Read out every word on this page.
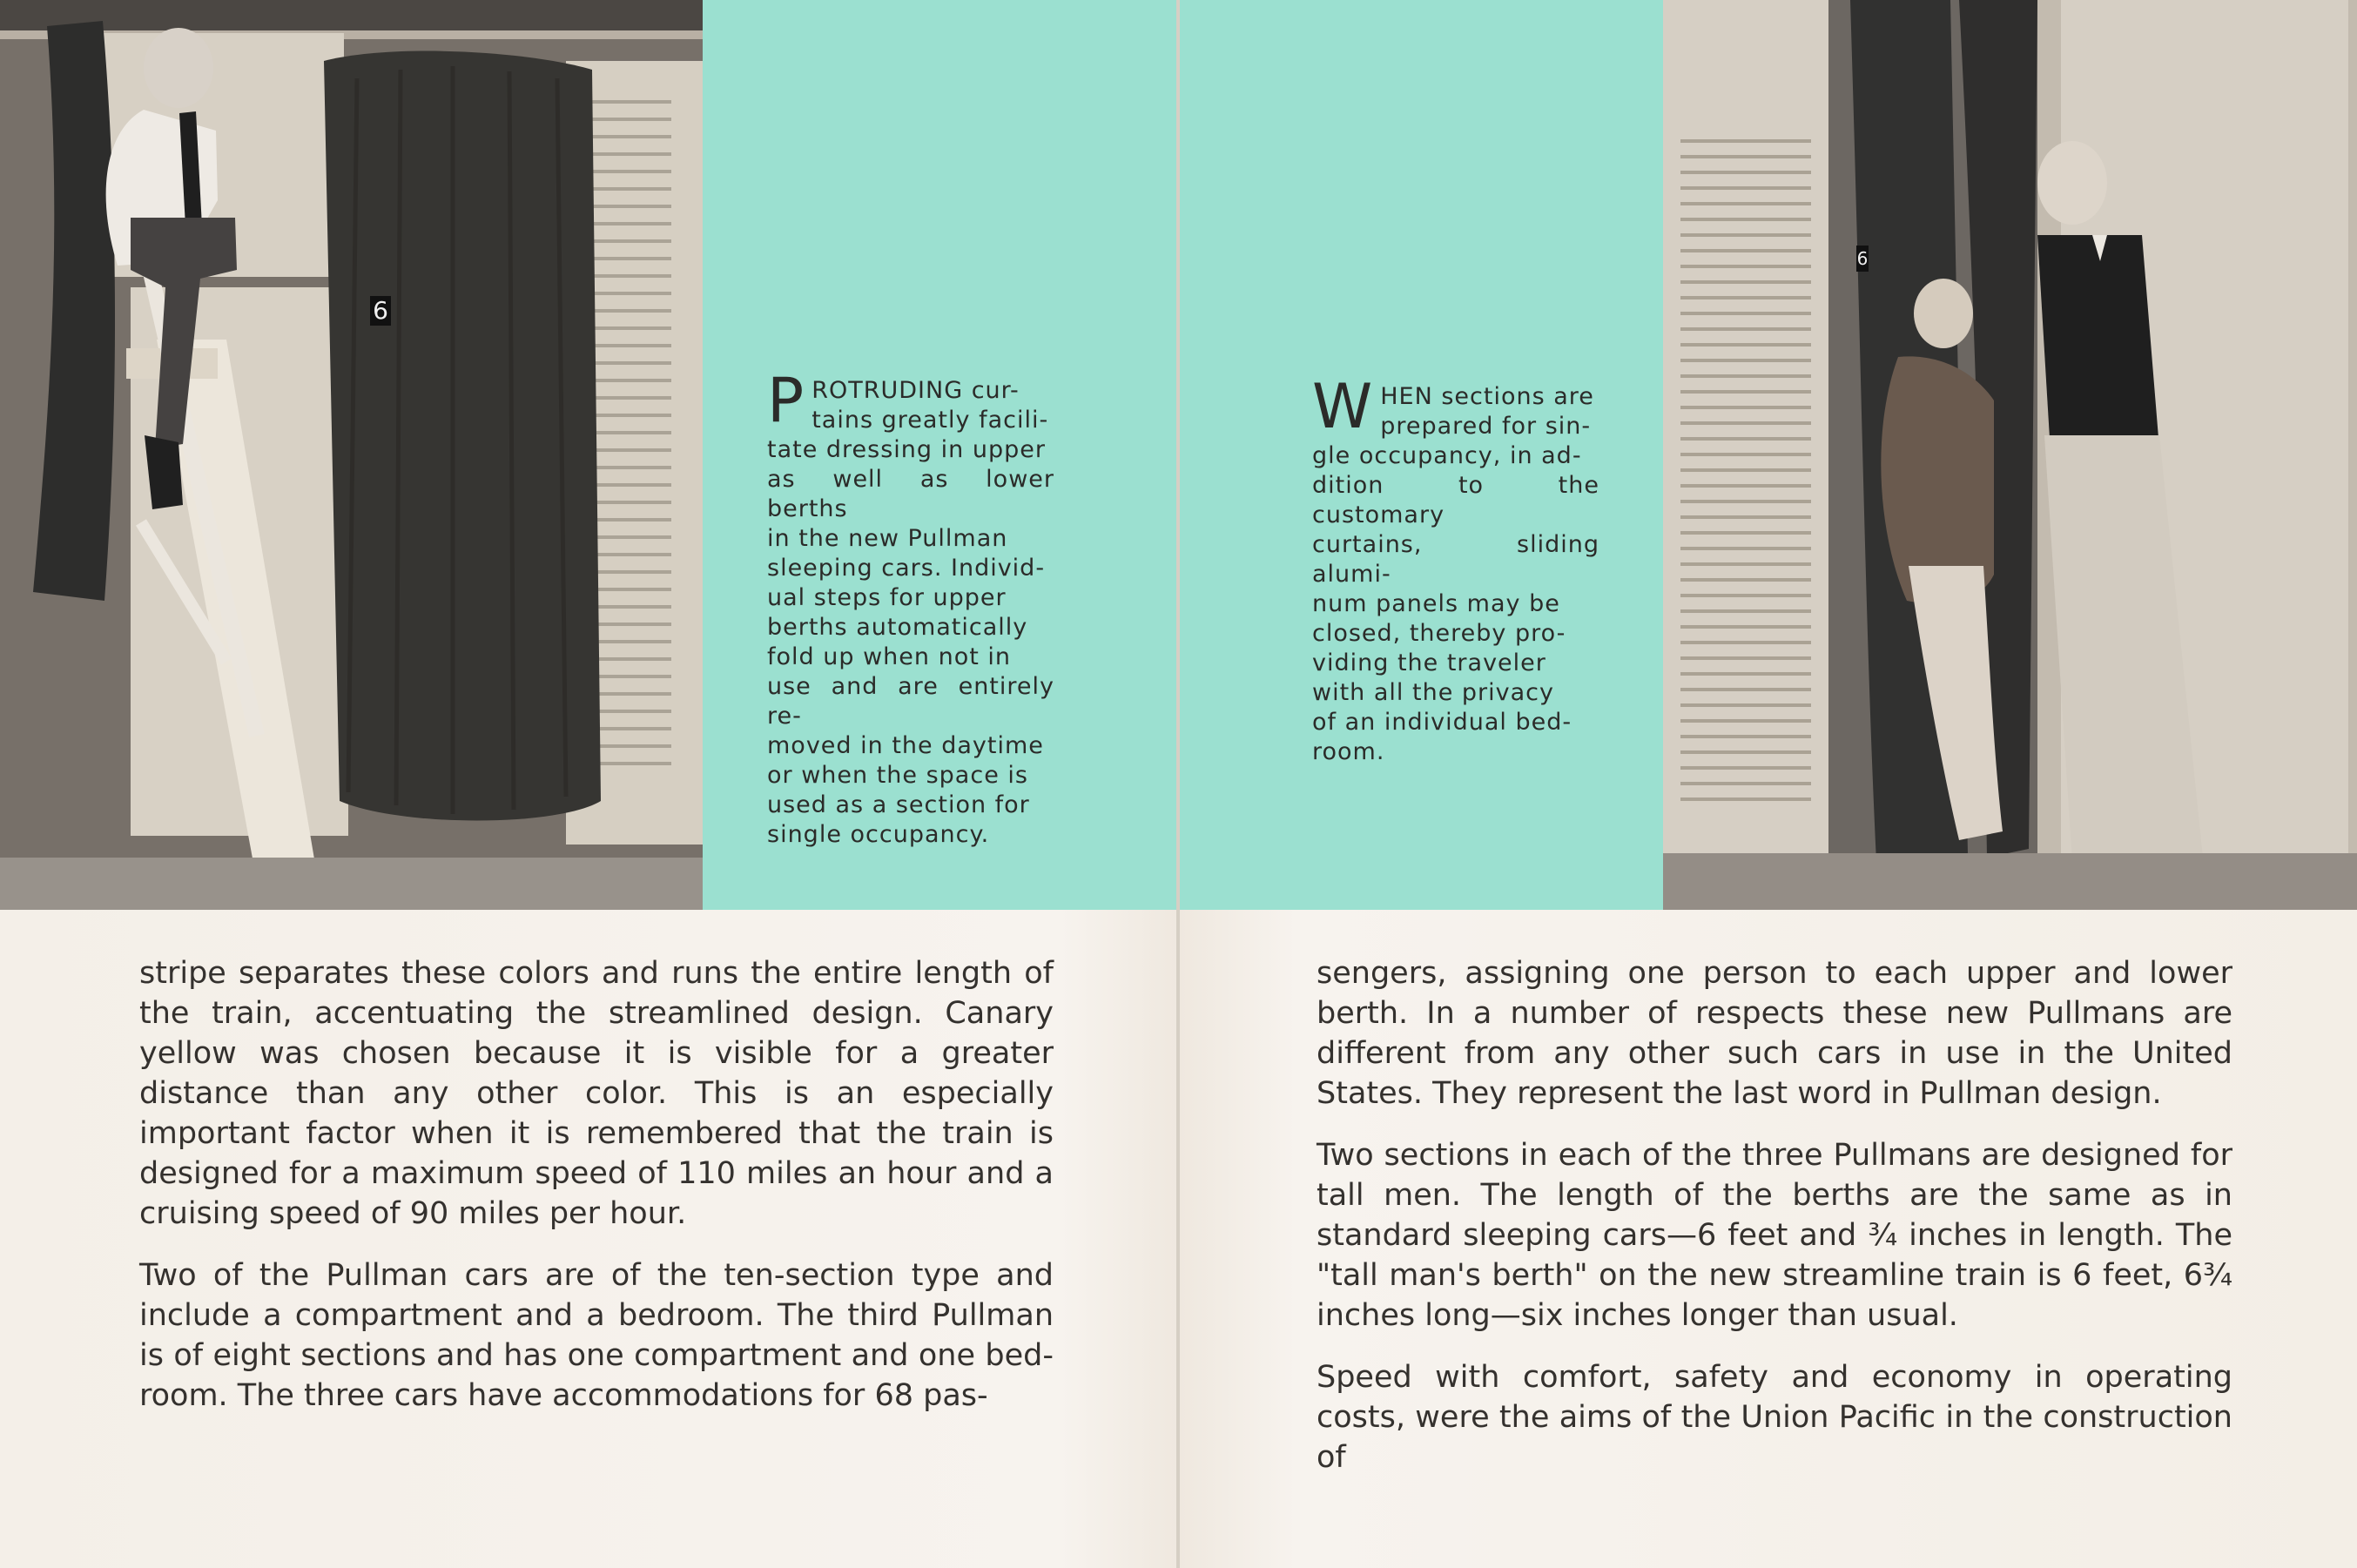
6

PROTRUDING cur-
tains greatly facili-
tate dressing in upper
as well as lower berths
in the new Pullman
sleeping cars. Individ-
ual steps for upper
berths automatically
fold up when not in
use and are entirely re-
moved in the daytime
or when the space is
used as a section for
single occupancy.

WHEN sections are
prepared for sin-
gle occupancy, in ad-
dition to the customary
curtains, sliding alumi-
num panels may be
closed, thereby pro-
viding the traveler
with all the privacy
of an individual bed-
room.

6

stripe separates these colors and runs the entire length of the train, accentuating the streamlined design. Canary yellow was chosen because it is visible for a greater distance than any other color. This is an especially important factor when it is remembered that the train is designed for a maximum speed of 110 miles an hour and a cruising speed of 90 miles per hour.

Two of the Pullman cars are of the ten-section type and include a compartment and a bedroom. The third Pullman is of eight sections and has one compartment and one bed-room. The three cars have accommodations for 68 pas-

sengers, assigning one person to each upper and lower berth. In a number of respects these new Pullmans are different from any other such cars in use in the United States. They represent the last word in Pullman design.

Two sections in each of the three Pullmans are designed for tall men. The length of the berths are the same as in standard sleeping cars—6 feet and ¾ inches in length. The "tall man's berth" on the new streamline train is 6 feet, 6¾ inches long—six inches longer than usual.

Speed with comfort, safety and economy in operating costs, were the aims of the Union Pacific in the construction of
